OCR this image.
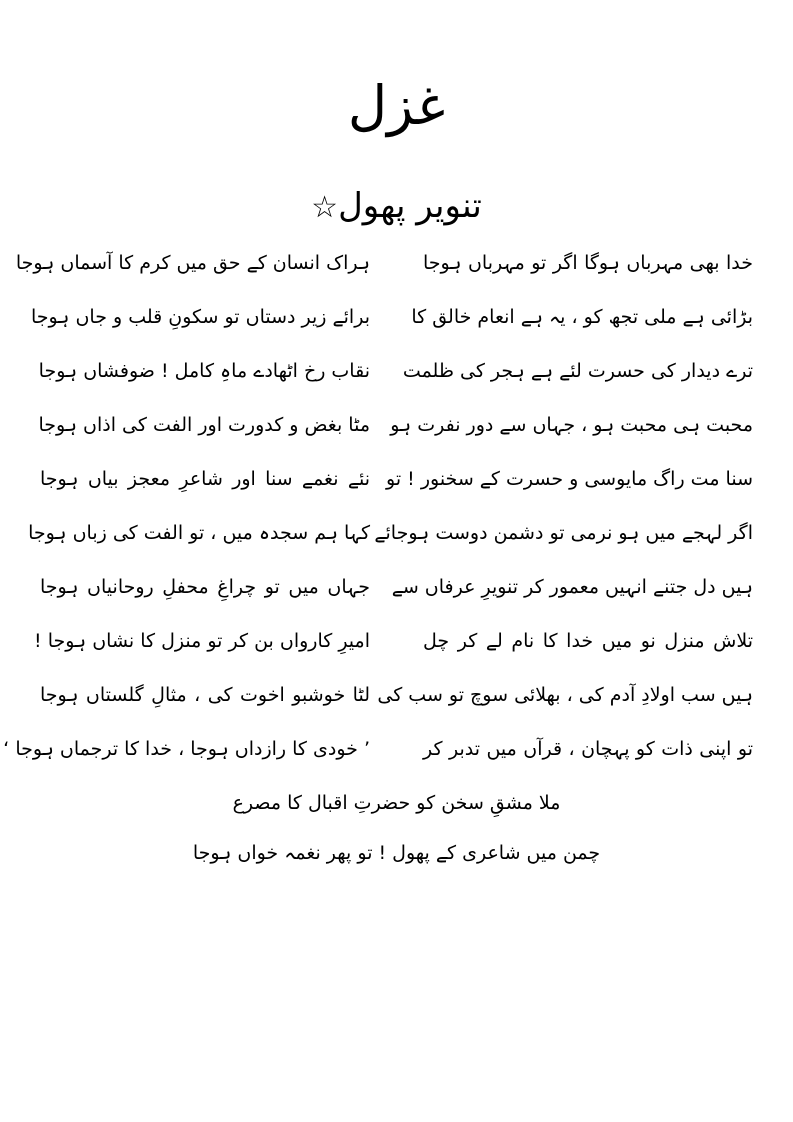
غزل
تنویر پھول☆
خدا بھی مہرباں ہوگا اگر تو مہرباں ہوجا
ہراک انسان کے حق میں کرم کا آسماں ہوجا
بڑائی ہے ملی تجھ کو ، یہ ہے انعام خالق کا
برائے زیر دستاں تو سکونِ قلب و جاں ہوجا
ترے دیدار کی حسرت لئے ہے ہجر کی ظلمت
نقاب رخ اٹھادے ماہِ کامل ! ضوفشاں ہوجا
محبت ہی محبت ہو ، جہاں سے دور نفرت ہو
مٹا بغض و کدورت اور الفت کی اذاں ہوجا
سنا مت راگ مایوسی و حسرت کے سخنور ! تو
نئے نغمے سنا اور شاعرِ معجز بیاں ہوجا
اگر لہجے میں ہو نرمی تو دشمن دوست ہوجائے
کہا ہم سجدہ میں ، تو الفت کی زباں ہوجا
ہیں دل جتنے انہیں معمور کر تنویرِ عرفاں سے
جہاں میں تو چراغِ محفلِ روحانیاں ہوجا
تلاش منزل نو میں خدا کا نام لے کر چل
امیرِ کارواں بن کر تو منزل کا نشاں ہوجا !
ہیں سب اولادِ آدم کی ، بھلائی سوچ تو سب کی
لٹا خوشبو اخوت کی ، مثالِ گلستاں ہوجا
تو اپنی ذات کو پہچان ، قرآں میں تدبر کر
’ خودی کا رازداں ہوجا ، خدا کا ترجماں ہوجا ‘
ملا مشقِ سخن کو حضرتِ اقبال کا مصرع
چمن میں شاعری کے پھول ! تو پھر نغمہ خواں ہوجا
